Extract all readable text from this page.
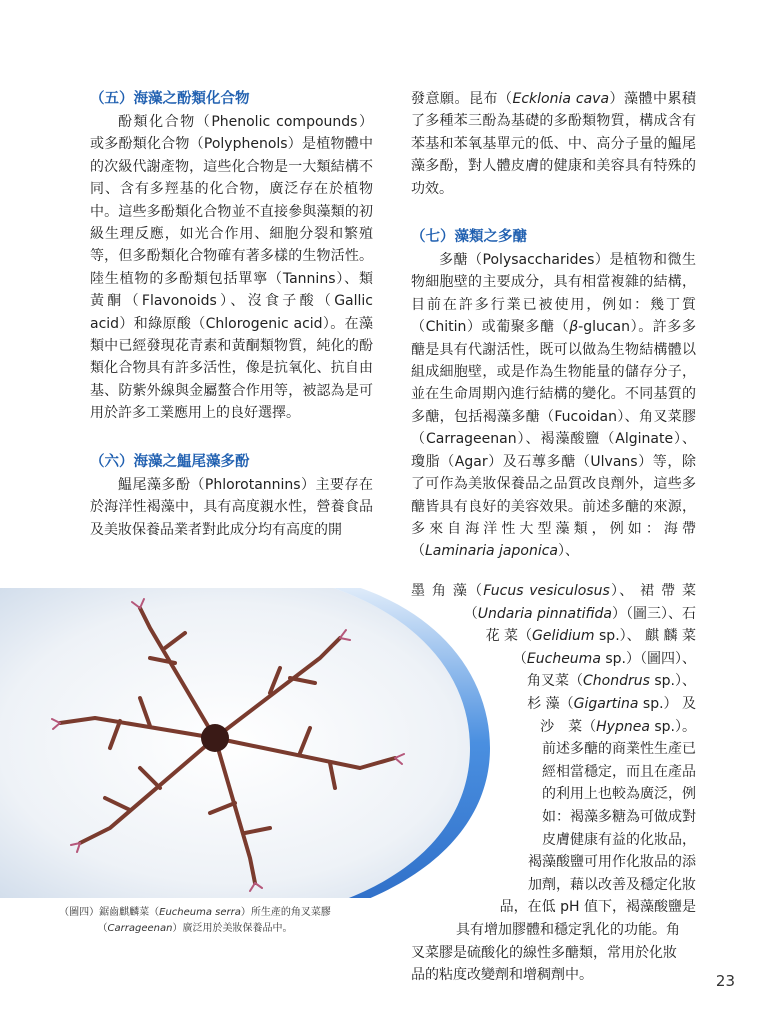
（五）海藻之酚類化合物

酚類化合物（Phenolic compounds）或多酚類化合物（Polyphenols）是植物體中的次級代謝產物，這些化合物是一大類結構不同、含有多羥基的化合物，廣泛存在於植物中。這些多酚類化合物並不直接參與藻類的初級生理反應，如光合作用、細胞分裂和繁殖等，但多酚類化合物確有著多樣的生物活性。陸生植物的多酚類包括單寧（Tannins）、類黃酮（Flavonoids）、沒食子酸（Gallic acid）和綠原酸（Chlorogenic acid）。在藻類中已經發現花青素和黃酮類物質，純化的酚類化合物具有許多活性，像是抗氧化、抗自由基、防紫外線與金屬螯合作用等，被認為是可用於許多工業應用上的良好選擇。

（六）海藻之鰛尾藻多酚

鰛尾藻多酚（Phlorotannins）主要存在於海洋性褐藻中，具有高度親水性，營養食品及美妝保養品業者對此成分均有高度的開

發意願。昆布（Ecklonia cava）藻體中累積了多種苯三酚為基礎的多酚類物質，構成含有苯基和苯氧基單元的低、中、高分子量的鰛尾藻多酚，對人體皮膚的健康和美容具有特殊的功效。

（七）藻類之多醣

多醣（Polysaccharides）是植物和微生物細胞壁的主要成分，具有相當複雜的結構，目前在許多行業已被使用，例如：幾丁質（Chitin）或葡聚多醣（β-glucan）。許多多醣是具有代謝活性，既可以做為生物結構體以組成細胞壁，或是作為生物能量的儲存分子，並在生命周期內進行結構的變化。不同基質的多醣，包括褐藻多醣（Fucoidan）、角叉菜膠（Carrageenan）、褐藻酸鹽（Alginate）、瓊脂（Agar）及石蓴多醣（Ulvans）等，除了可作為美妝保養品之品質改良劑外，這些多醣皆具有良好的美容效果。前述多醣的來源，多來自海洋性大型藻類，例如：海帶（Laminaria japonica）、

墨 角 藻（Fucus vesiculosus）、 裙 帶 菜
（Undaria pinnatifida）（圖三）、石
花 菜（Gelidium sp.）、 麒 麟 菜
（Eucheuma sp.）（圖四）、
角叉菜（Chondrus sp.）、
杉 藻（Gigartina sp.） 及
沙　菜（Hypnea sp.）。
前述多醣的商業性生產已
經相當穩定，而且在產品
的利用上也較為廣泛，例
如：褐藻多糖為可做成對
皮膚健康有益的化妝品，
褐藻酸鹽可用作化妝品的添
加劑，藉以改善及穩定化妝
品，在低 pH 值下，褐藻酸鹽是
具有增加膠體和穩定乳化的功能。角
叉菜膠是硫酸化的線性多醣類，常用於化妝
品的粘度改變劑和增稠劑中。
（圖四）鋸齒麒麟菜（Eucheuma serra）所生產的角叉菜膠
（Carrageenan）廣泛用於美妝保養品中。
23
